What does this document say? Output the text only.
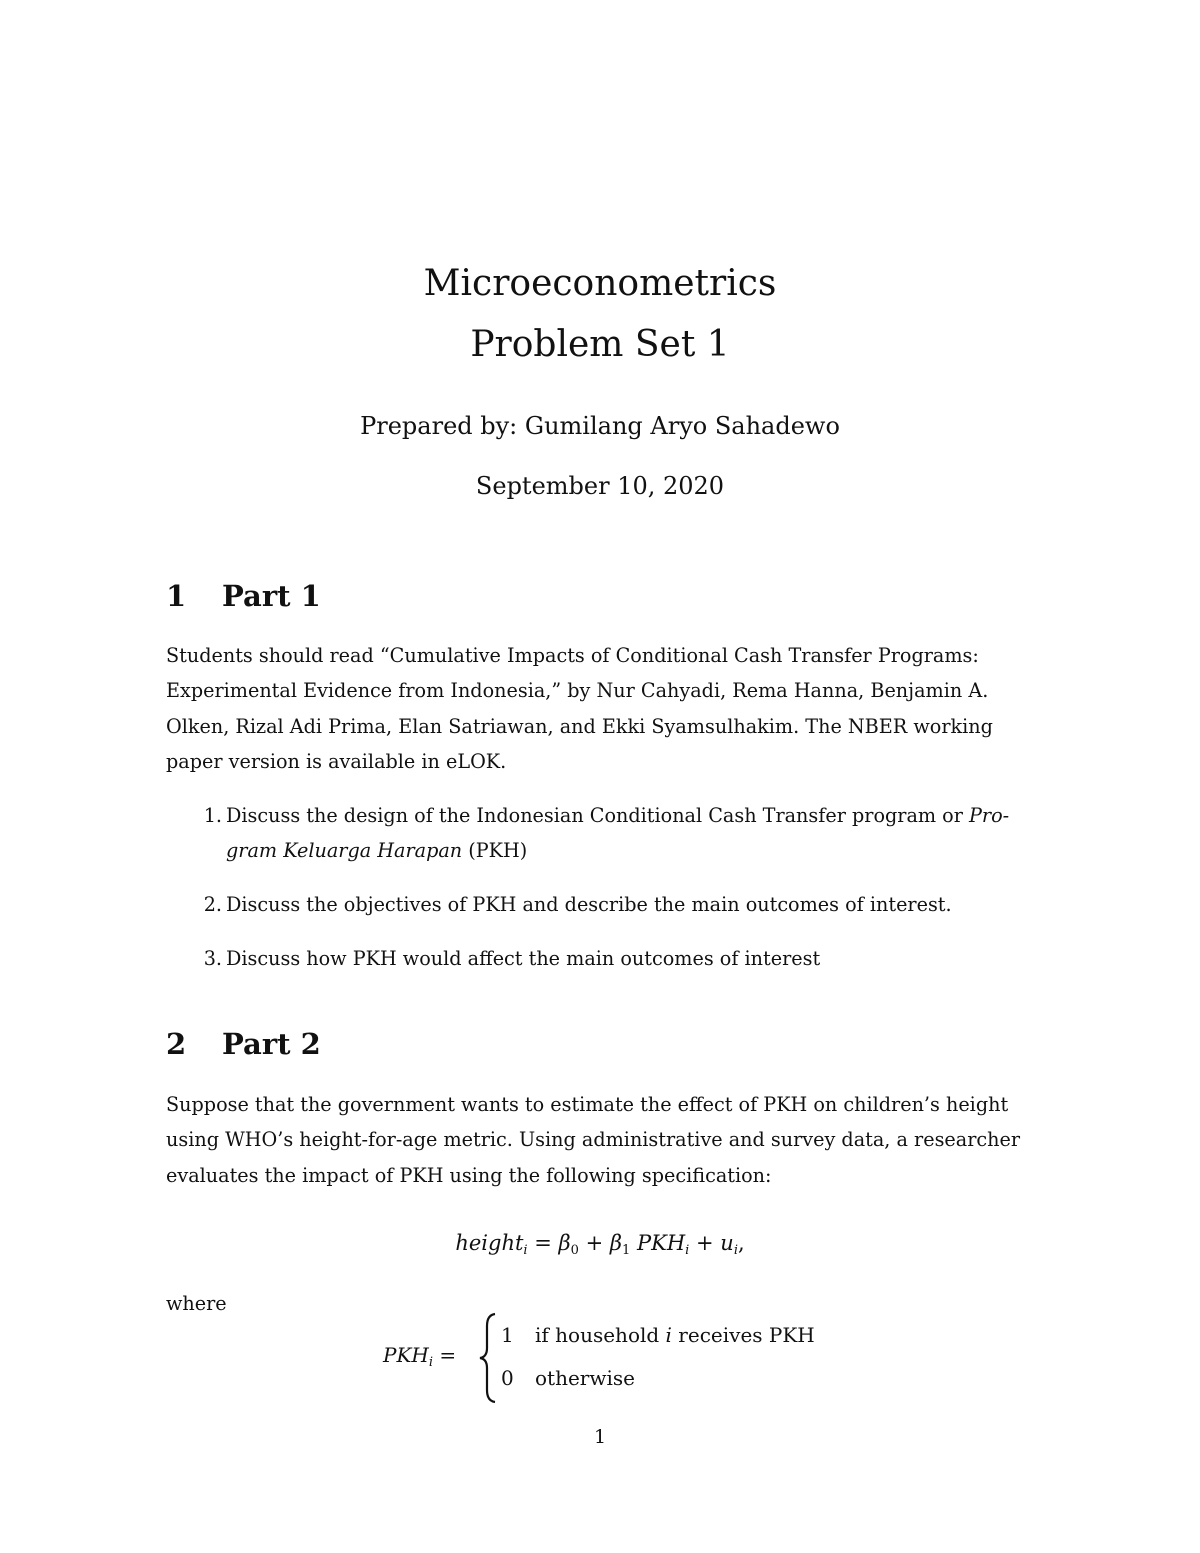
Microeconometrics
Problem Set 1
Prepared by: Gumilang Aryo Sahadewo
September 10, 2020
1 Part 1
Students should read “Cumulative Impacts of Conditional Cash Transfer Programs:
Experimental Evidence from Indonesia,” by Nur Cahyadi, Rema Hanna, Benjamin A.
Olken, Rizal Adi Prima, Elan Satriawan, and Ekki Syamsulhakim. The NBER working
paper version is available in eLOK.
1. Discuss the design of the Indonesian Conditional Cash Transfer program or Pro-
gram Keluarga Harapan (PKH)
2. Discuss the objectives of PKH and describe the main outcomes of interest.
3. Discuss how PKH would affect the main outcomes of interest
2 Part 2
Suppose that the government wants to estimate the effect of PKH on children’s height
using WHO’s height-for-age metric. Using administrative and survey data, a researcher
evaluates the impact of PKH using the following specification:
height$_i$ = $\beta_0 + \beta_1$ $PKH_i + u_i$,
where
$PKH_i$ =
1 if household i receives PKH
0 otherwise
1
